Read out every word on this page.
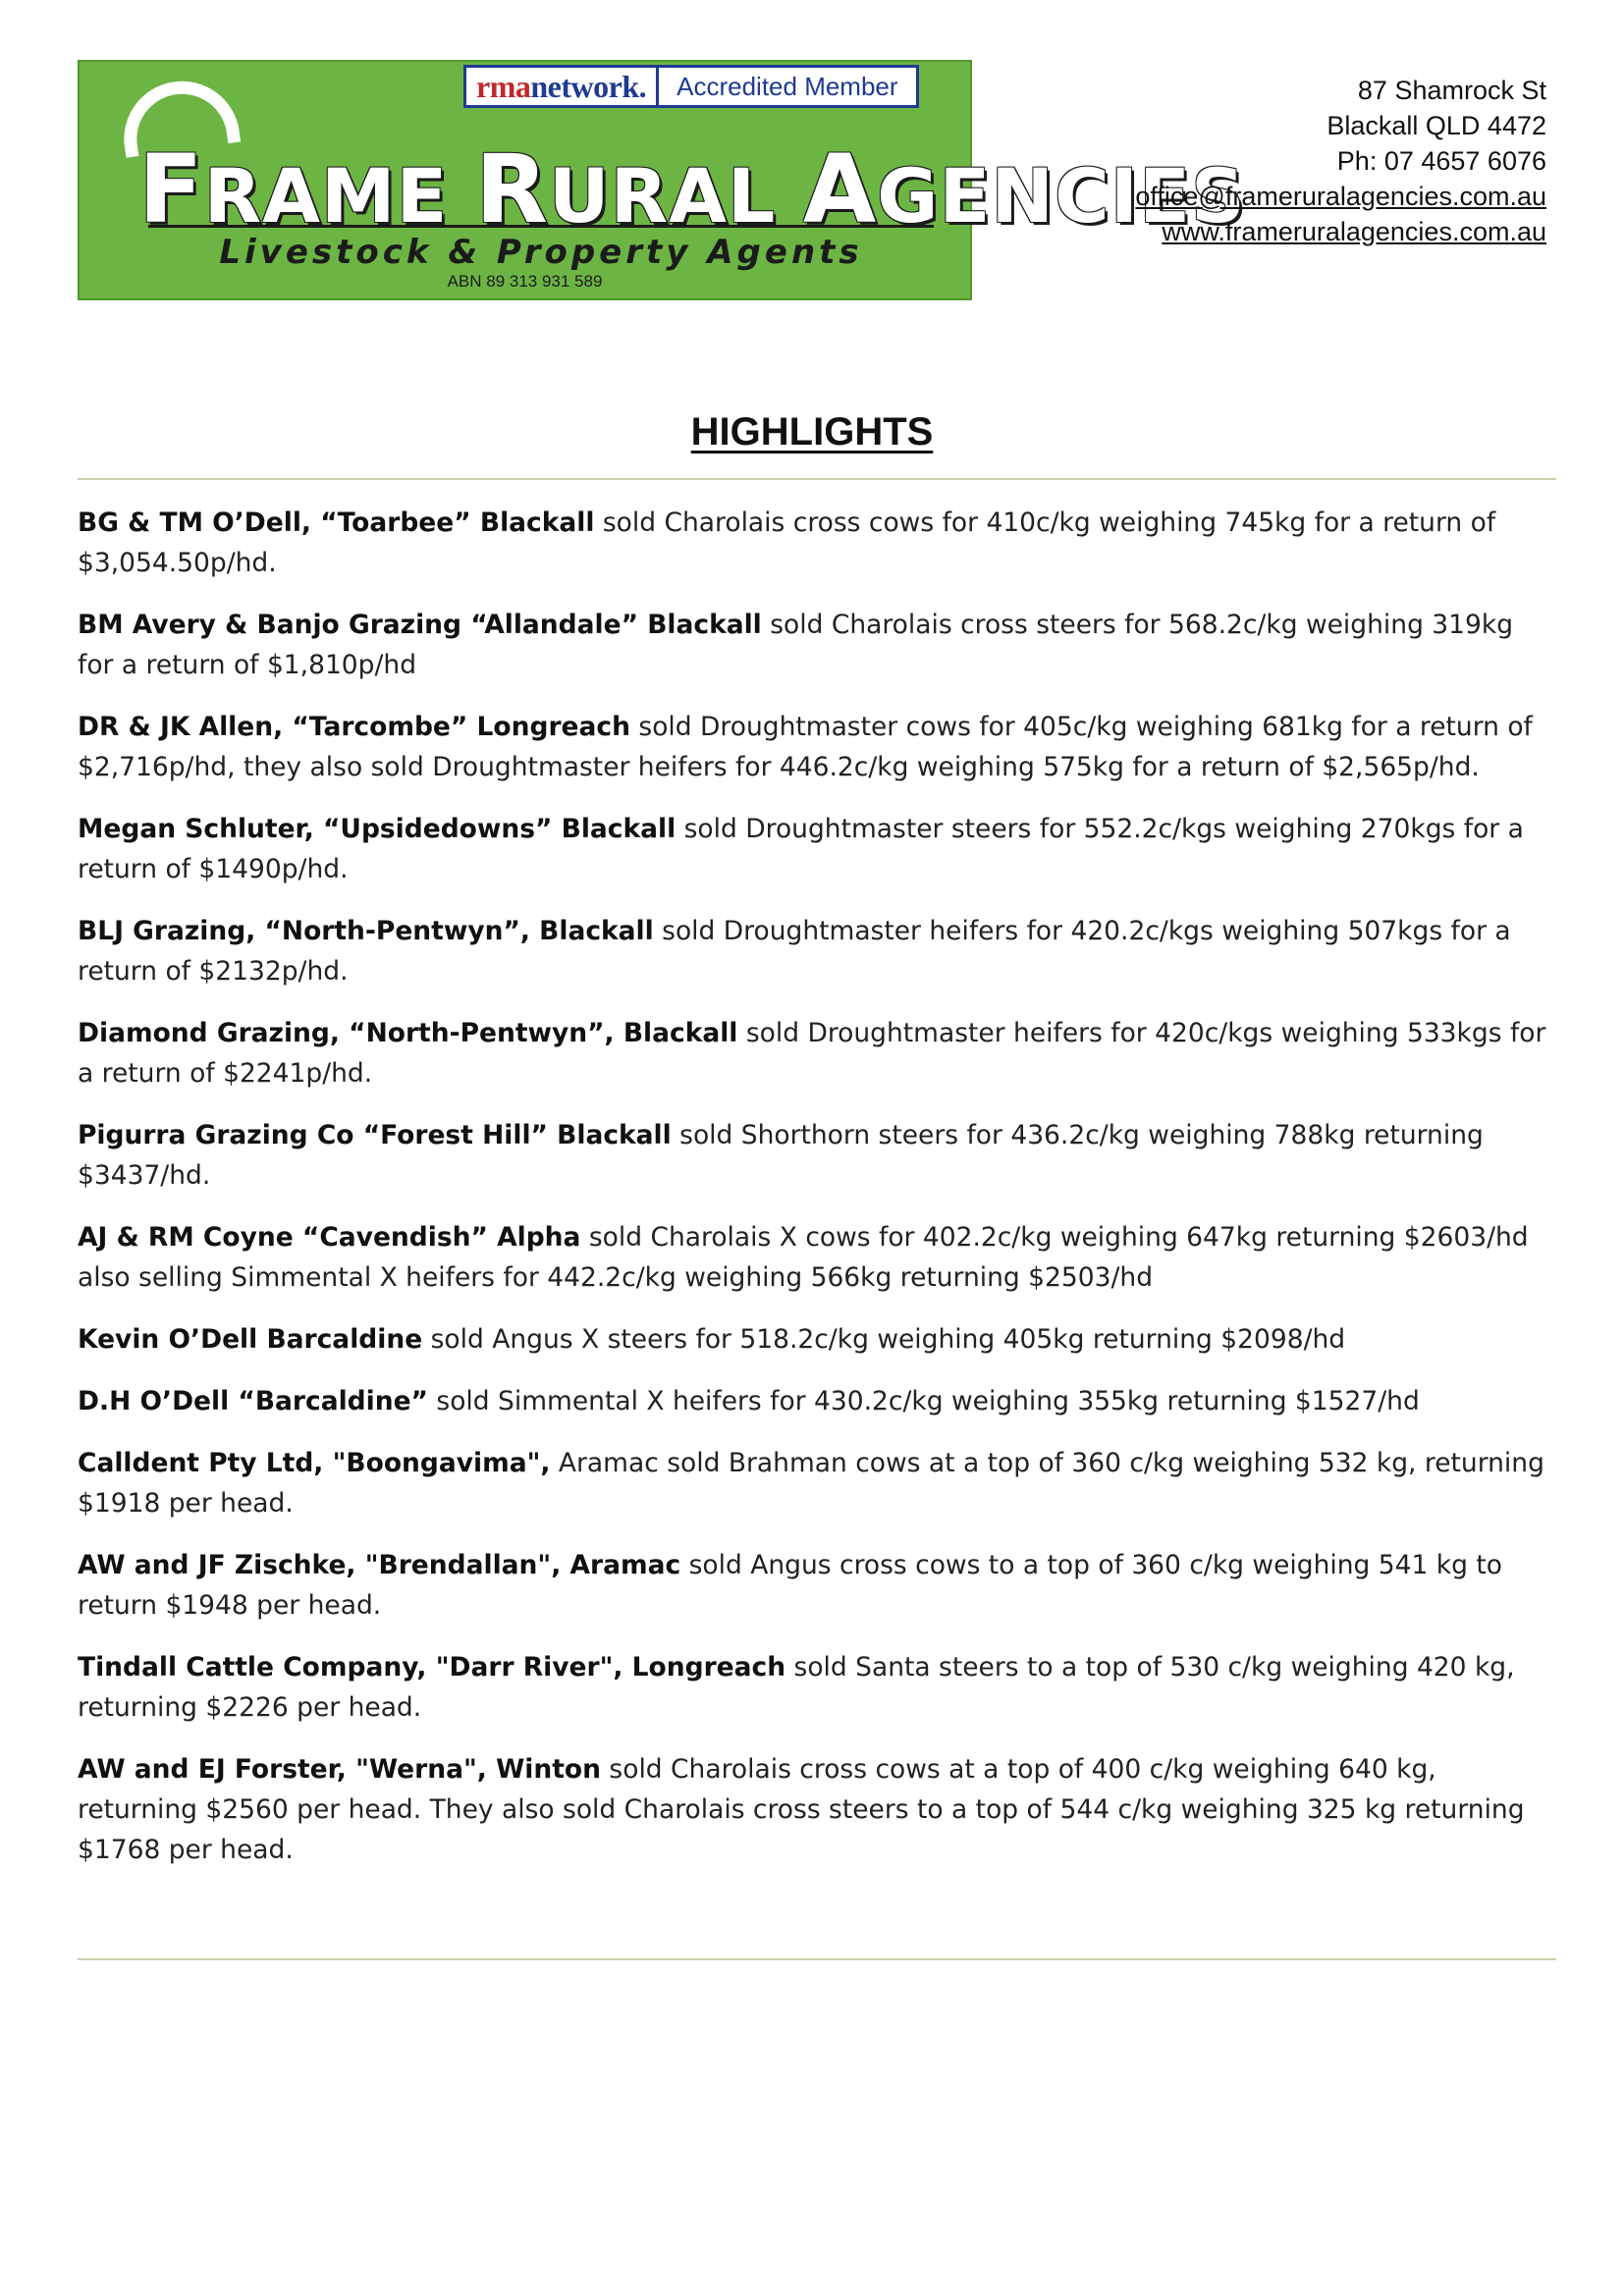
rma network.	Accredited Member
FRAME RURAL AGENCIES
Livestock & Property Agents
ABN 89 313 931 589
87 Shamrock St
Blackall QLD 4472
Ph: 07 4657 6076
office@frameruralagencies.com.au
www.frameruralagencies.com.au
HIGHLIGHTS
BG & TM O’Dell, “Toarbee” Blackall sold Charolais cross cows for 410c/kg weighing 745kg for a return of $3,054.50p/hd.
BM Avery & Banjo Grazing “Allandale” Blackall sold Charolais cross steers for 568.2c/kg weighing 319kg for a return of $1,810p/hd
DR & JK Allen, “Tarcombe” Longreach sold Droughtmaster cows for 405c/kg weighing 681kg for a return of $2,716p/hd, they also sold Droughtmaster heifers for 446.2c/kg weighing 575kg for a return of $2,565p/hd.
Megan Schluter, “Upsidedowns” Blackall sold Droughtmaster steers for 552.2c/kgs weighing 270kgs for a return of $1490p/hd.
BLJ Grazing, “North-Pentwyn”, Blackall sold Droughtmaster heifers for 420.2c/kgs weighing 507kgs for a return of $2132p/hd.
Diamond Grazing, “North-Pentwyn”, Blackall sold Droughtmaster heifers for 420c/kgs weighing 533kgs for a return of $2241p/hd.
Pigurra Grazing Co “Forest Hill” Blackall sold Shorthorn steers for 436.2c/kg weighing 788kg returning $3437/hd.
AJ & RM Coyne “Cavendish” Alpha sold Charolais X cows for 402.2c/kg weighing 647kg returning $2603/hd also selling Simmental X heifers for 442.2c/kg weighing 566kg returning $2503/hd
Kevin O’Dell Barcaldine sold Angus X steers for 518.2c/kg weighing 405kg returning $2098/hd
D.H O’Dell “Barcaldine” sold Simmental X heifers for 430.2c/kg weighing 355kg returning $1527/hd
Calldent Pty Ltd, "Boongavima", Aramac sold Brahman cows at a top of 360 c/kg weighing 532 kg, returning $1918 per head.
AW and JF Zischke, "Brendallan", Aramac sold Angus cross cows to a top of 360 c/kg weighing 541 kg to return $1948 per head.
Tindall Cattle Company, "Darr River", Longreach sold Santa steers to a top of 530 c/kg weighing 420 kg, returning $2226 per head.
AW and EJ Forster, "Werna", Winton sold Charolais cross cows at a top of 400 c/kg weighing 640 kg, returning $2560 per head. They also sold Charolais cross steers to a top of 544 c/kg weighing 325 kg returning $1768 per head.
